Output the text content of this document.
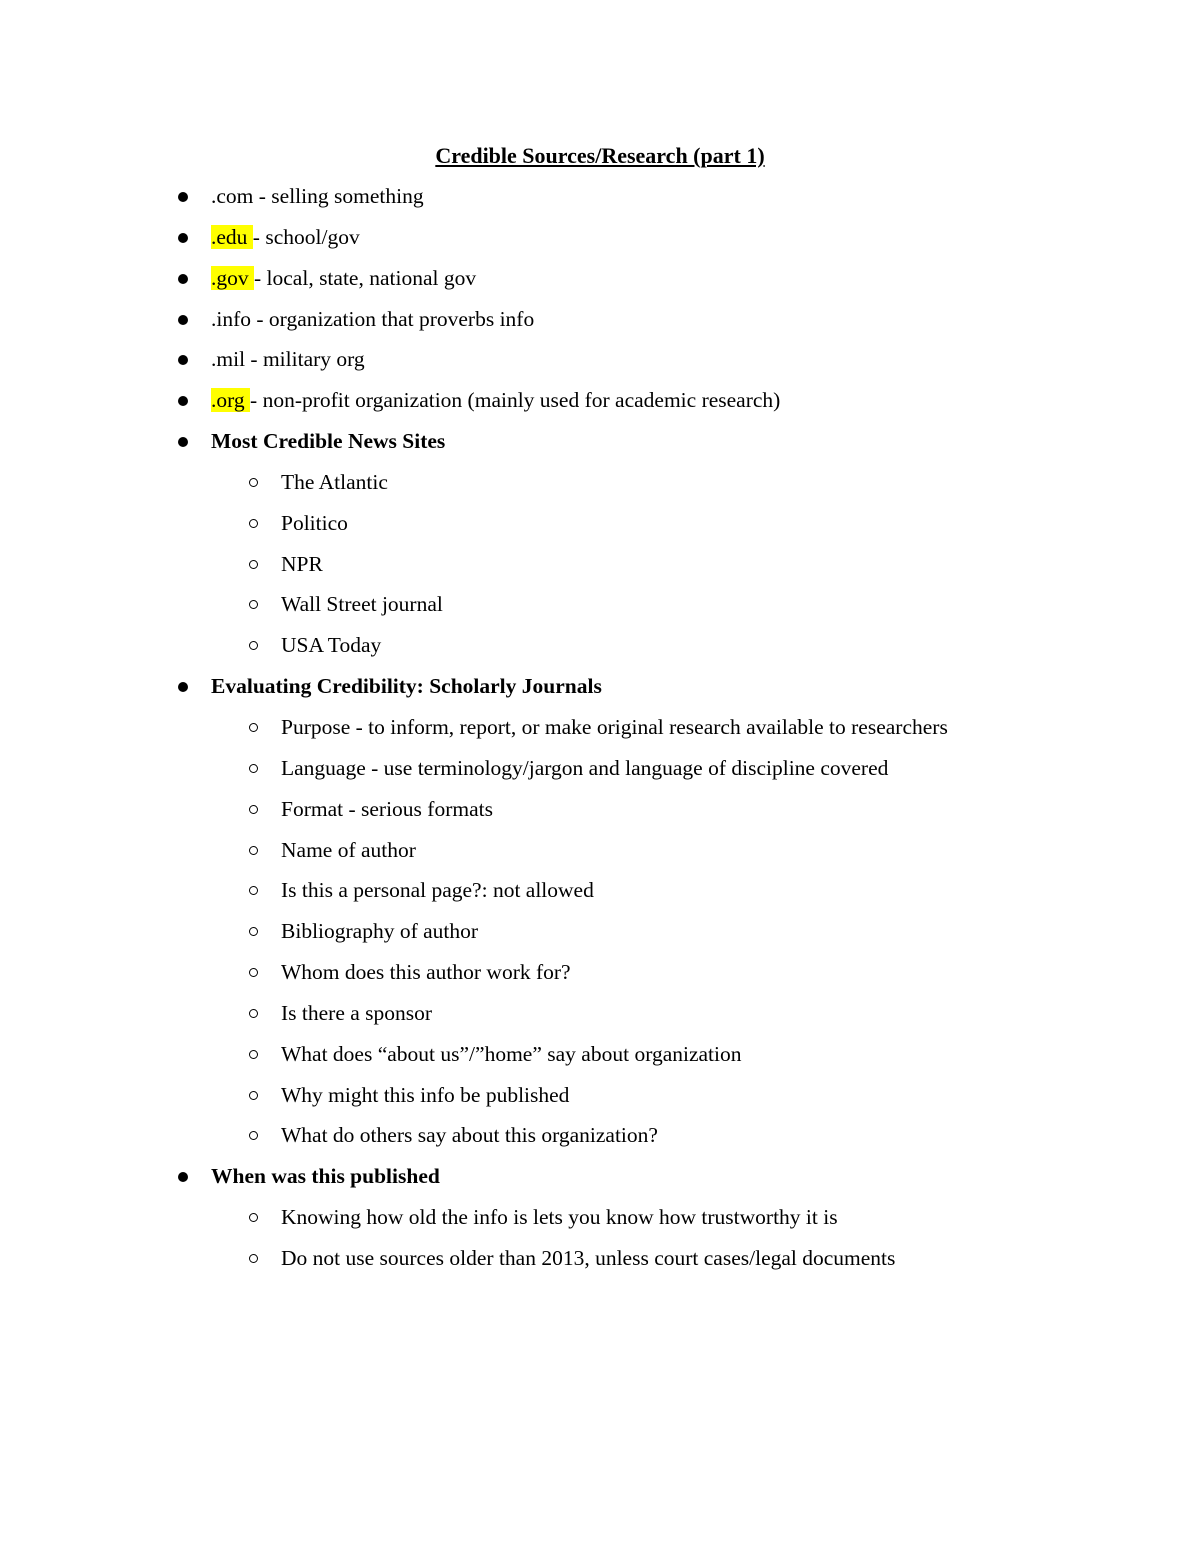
Credible Sources/Research (part 1)
.com - selling something
.edu - school/gov
.gov - local, state, national gov
.info - organization that proverbs info
.mil - military org
.org - non-profit organization (mainly used for academic research)
Most Credible News Sites
The Atlantic
Politico
NPR
Wall Street journal
USA Today
Evaluating Credibility: Scholarly Journals
Purpose - to inform, report, or make original research available to researchers
Language - use terminology/jargon and language of discipline covered
Format - serious formats
Name of author
Is this a personal page?: not allowed
Bibliography of author
Whom does this author work for?
Is there a sponsor
What does “about us”/”home” say about organization
Why might this info be published
What do others say about this organization?
When was this published
Knowing how old the info is lets you know how trustworthy it is
Do not use sources older than 2013, unless court cases/legal documents
